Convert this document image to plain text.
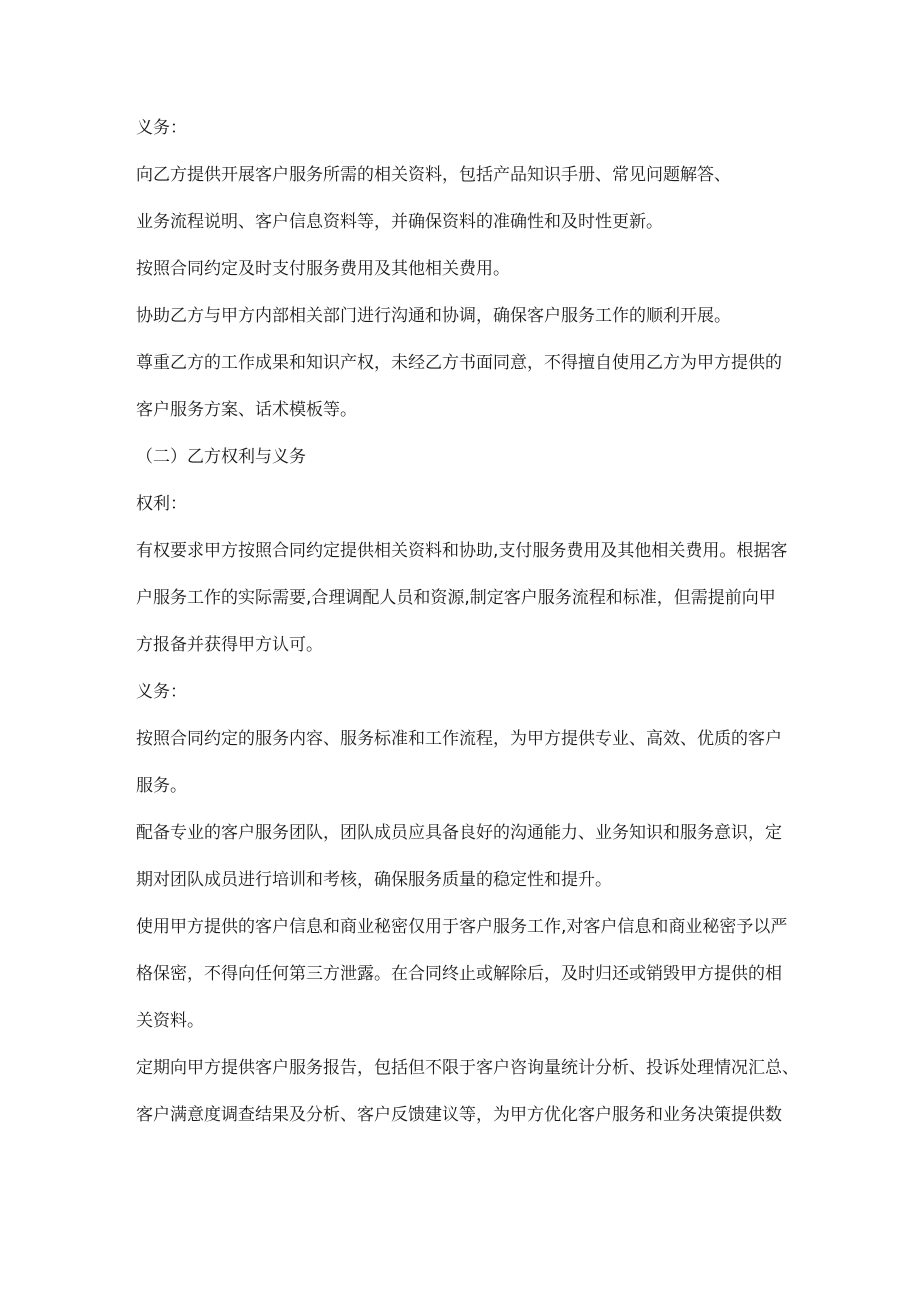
义务：
向乙方提供开展客户服务所需的相关资料，包括产品知识手册、常见问题解答、
业务流程说明、客户信息资料等，并确保资料的准确性和及时性更新。
按照合同约定及时支付服务费用及其他相关费用。
协助乙方与甲方内部相关部门进行沟通和协调，确保客户服务工作的顺利开展。
尊重乙方的工作成果和知识产权，未经乙方书面同意，不得擅自使用乙方为甲方提供的
客户服务方案、话术模板等。
（二）乙方权利与义务
权利：
有权要求甲方按照合同约定提供相关资料和协助,支付服务费用及其他相关费用。根据客
户服务工作的实际需要,合理调配人员和资源,制定客户服务流程和标准，但需提前向甲
方报备并获得甲方认可。
义务：
按照合同约定的服务内容、服务标准和工作流程，为甲方提供专业、高效、优质的客户
服务。
配备专业的客户服务团队，团队成员应具备良好的沟通能力、业务知识和服务意识，定
期对团队成员进行培训和考核，确保服务质量的稳定性和提升。
使用甲方提供的客户信息和商业秘密仅用于客户服务工作,对客户信息和商业秘密予以严
格保密，不得向任何第三方泄露。在合同终止或解除后，及时归还或销毁甲方提供的相
关资料。
定期向甲方提供客户服务报告，包括但不限于客户咨询量统计分析、投诉处理情况汇总、
客户满意度调查结果及分析、客户反馈建议等，为甲方优化客户服务和业务决策提供数
